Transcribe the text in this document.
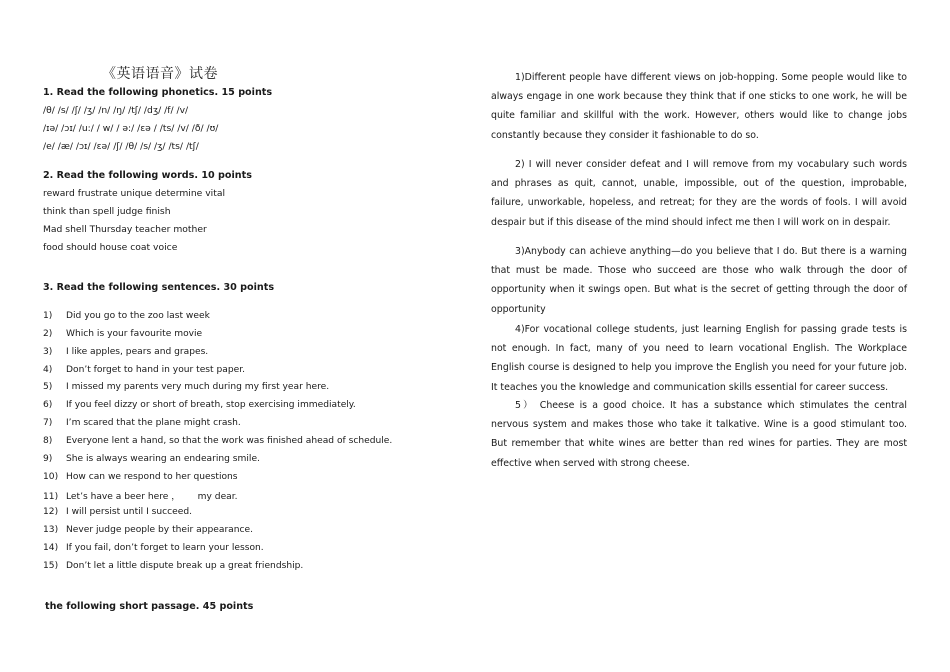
《英语语音》试卷
1. Read the following phonetics. 15 points
/θ/ /s/ /ʃ/ /ʒ/ /n/ /ŋ/ /tʃ/ /dʒ/ /f/ /v/
/ɪə/ /ɔɪ/ /u:/ / w/ / ə:/ /ɛə / /ts/ /v/ /ð/ /ʊ/
/e/ /æ/ /ɔɪ/ /ɛə/ /ʃ/ /θ/ /s/ /ʒ/ /ts/ /tʃ/
2. Read the following words. 10 points
reward frustrate unique determine vital
think than spell judge finish
Mad shell Thursday teacher mother
food should house coat voice
3. Read the following sentences. 30 points
1) Did you go to the zoo last week
2) Which is your favourite movie
3) I like apples, pears and grapes.
4) Don’t forget to hand in your test paper.
5) I missed my parents very much during my first year here.
6) If you feel dizzy or short of breath, stop exercising immediately.
7) I’m scared that the plane might crash.
8) Everyone lent a hand, so that the work was finished ahead of schedule.
9) She is always wearing an endearing smile.
10) How can we respond to her questions
11) Let’s have a beer here ，      my dear.
12) I will persist until I succeed.
13) Never judge people by their appearance.
14) If you fail, don’t forget to learn your lesson.
15) Don’t let a little dispute break up a great friendship.
the following short passage. 45 points
1)Different people have different views on job-hopping. Some people would like to always engage in one work because they think that if one sticks to one work, he will be quite familiar and skillful with the work. However, others would like to change jobs constantly because they consider it fashionable to do so.
2) I will never consider defeat and I will remove from my vocabulary such words and phrases as quit, cannot, unable, impossible, out of the question, improbable, failure, unworkable, hopeless, and retreat; for they are the words of fools. I will avoid despair but if this disease of the mind should infect me then I will work on in despair.
3)Anybody can achieve anything—do you believe that I do. But there is a warning that must be made. Those who succeed are those who walk through the door of opportunity when it swings open. But what is the secret of getting through the door of opportunity
4)For vocational college students, just learning English for passing grade tests is not enough. In fact, many of you need to learn vocational English. The Workplace English course is designed to help you improve the English you need for your future job. It teaches you the knowledge and communication skills essential for career success.
5） Cheese is a good choice. It has a substance which stimulates the central nervous system and makes those who take it talkative. Wine is a good stimulant too. But remember that white wines are better than red wines for parties. They are most effective when served with strong cheese.
